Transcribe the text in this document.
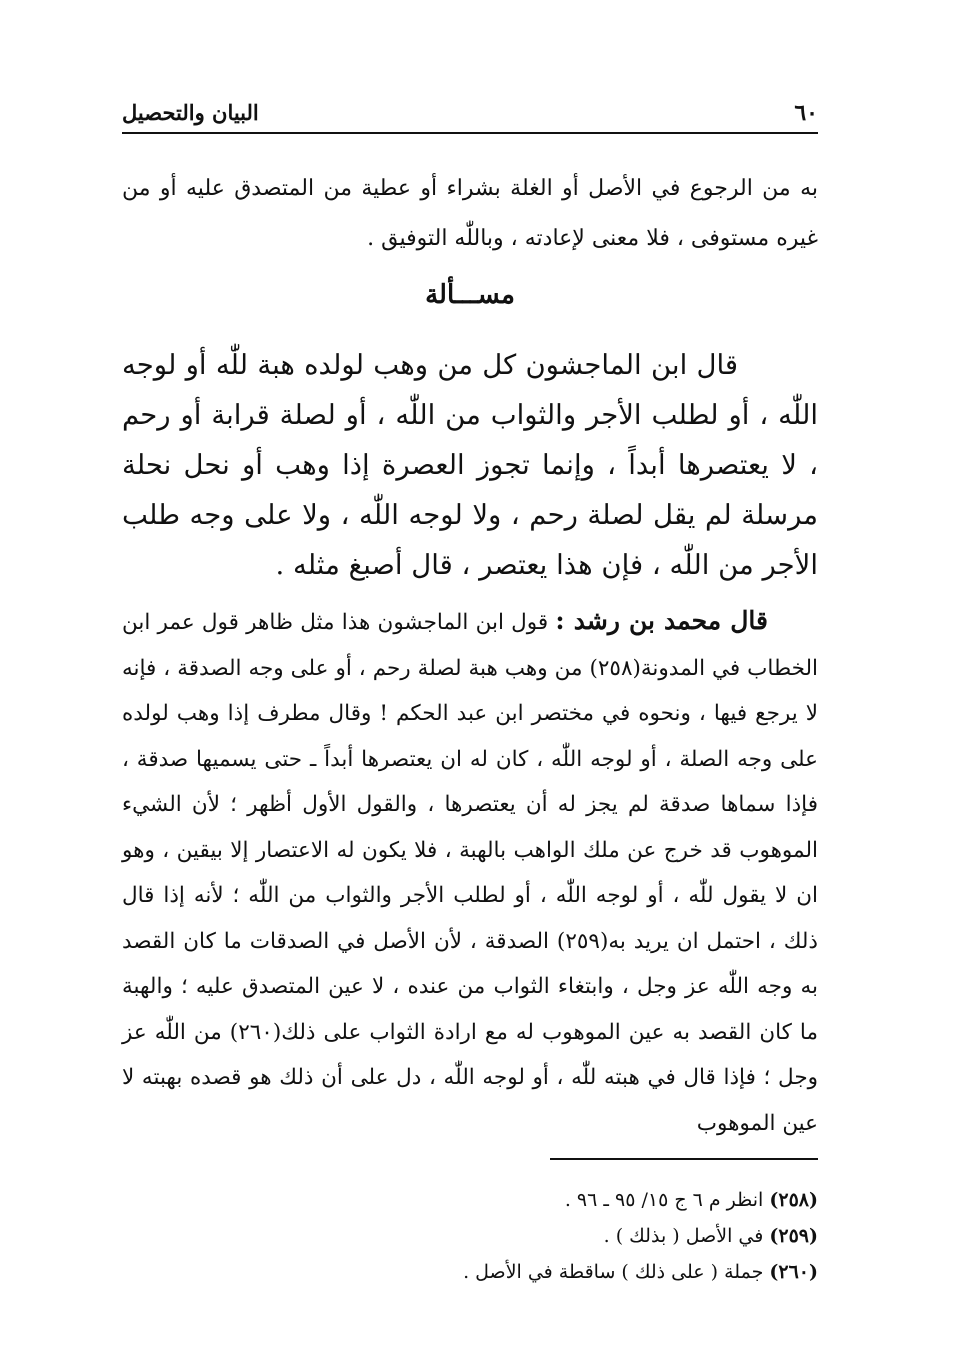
٦٠
البيان والتحصيل
به من الرجوع في الأصل أو الغلة بشراء أو عطية من المتصدق عليه أو من غيره مستوفى ، فلا معنى لإعادته ، وباللّٰه التوفيق .
مســـألة
قال ابن الماجشون كل من وهب لولده هبة للّٰه أو لوجه اللّٰه ، أو لطلب الأجر والثواب من اللّٰه ، أو لصلة قرابة أو رحم ، لا يعتصرها أبداً ، وإنما تجوز العصرة إذا وهب أو نحل نحلة مرسلة لم يقل لصلة رحم ، ولا لوجه اللّٰه ، ولا على وجه طلب الأجر من اللّٰه ، فإن هذا يعتصر ، قال أصبغ مثله .
قال محمد بن رشد : قول ابن الماجشون هذا مثل ظاهر قول عمر ابن الخطاب في المدونة(٢٥٨) من وهب هبة لصلة رحم ، أو على وجه الصدقة ، فإنه لا يرجع فيها ، ونحوه في مختصر ابن عبد الحكم ! وقال مطرف إذا وهب لولده على وجه الصلة ، أو لوجه اللّٰه ، كان له ان يعتصرها أبداً ـ حتى يسميها صدقة ، فإذا سماها صدقة لم يجز له أن يعتصرها ، والقول الأول أظهر ؛ لأن الشيء الموهوب قد خرج عن ملك الواهب بالهبة ، فلا يكون له الاعتصار إلا بيقين ، وهو ان لا يقول للّٰه ، أو لوجه اللّٰه ، أو لطلب الأجر والثواب من اللّٰه ؛ لأنه إذا قال ذلك ، احتمل ان يريد به(٢٥٩) الصدقة ، لأن الأصل في الصدقات ما كان القصد به وجه اللّٰه عز وجل ، وابتغاء الثواب من عنده ، لا عين المتصدق عليه ؛ والهبة ما كان القصد به عين الموهوب له مع ارادة الثواب على ذلك(٢٦٠) من اللّٰه عز وجل ؛ فإذا قال في هبته للّٰه ، أو لوجه اللّٰه ، دل على أن ذلك هو قصده بهبته لا عين الموهوب
(٢٥٨) انظر م ٦ ج ١٥/ ٩٥ ـ ٩٦ .
(٢٥٩) في الأصل ( بذلك ) .
(٢٦٠) جملة ( على ذلك ) ساقطة في الأصل .
